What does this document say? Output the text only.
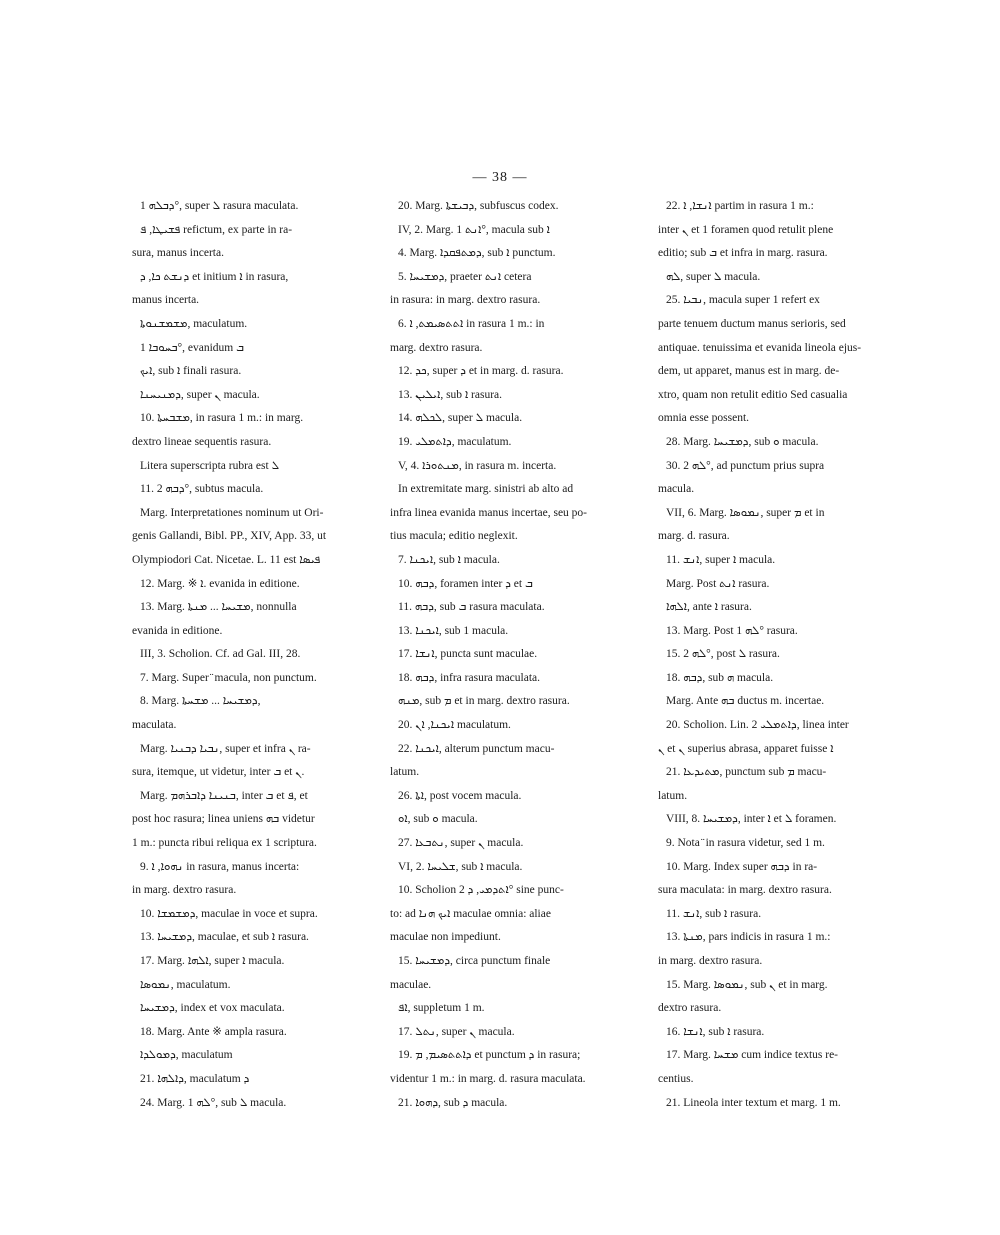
— 38 —
ܕܒܠܗ 1°, super ܠ rasura maculata.
ܦܫܝܛܐ, ܦ refictum, ex parte in ra-
sura, manus incerta.
ܕܢܫܬ ܟܐ, ܕ et initium ܐ in rasura,
manus incerta.
ܡܫܡܫܢܘܬܐ, maculatum.
ܒܚܘܒܐ 1°, evanidum ܒ
ܐܝܟ, sub ܐ finali rasura.
ܕܡܢܝܚܢܐ, super ܢ macula.
10. ܡܫܒܚܬܐ, in rasura 1 m.: in marg.
dextro lineae sequentis rasura.
Litera superscripta rubra est ܠ
11. ܕܒܗ 2°, subtus macula.
Marg. Interpretationes nominum ut Ori-
genis Gallandi, Bibl. PP., XIV, App. 33, ut
Olympiodori Cat. Nicetae. L. 11 est ܦܝܣܐ
12. Marg. ※ ܐ. evanida in editione.
13. Marg. ܡܫܝܚܐ ... ܡܢܬܐ, nonnulla
evanida in editione.
III, 3. Scholion. Cf. ad Gal. III, 28.
7. Marg. Super ̈ macula, non punctum.
8. Marg. ܕܡܫܝܚܐ ... ܡܫܚܬܐ,
maculata.
Marg. ܢܒܝܐ ܕܒܢܝܐ, super et infra ܢ ra-
sura, itemque, ut videtur, inter ܒ et ܢ.
Marg. ܒܢܝܢܐ ܕܐܒܪܗܡ, inter ܒ et ܦ, et
post hoc rasura; linea uniens ܒܗ videtur
1 m.: puncta ribui reliqua ex 1 scriptura.
9. ܢܗܘܐ, ܐ in rasura, manus incerta:
in marg. dextro rasura.
10. ܕܡܫܡܫܐ, maculae in voce et supra.
13. ܕܡܫܝܚܐ, maculae, et sub ܐ rasura.
17. Marg. ܐܠܗܐ, super ܐ macula.
ܢܡܘܣܐ, maculatum.
ܕܡܫܝܚܐ, index et vox maculata.
18. Marg. Ante ※ ampla rasura.
ܕܡܘܠܕܐ, maculatum
21. ܕܐܠܗܐ, maculatum ܕ
24. Marg. ܠܗ 1°, sub ܠ macula.
20. Marg. ܕܒܝܫܬܐ, subfuscus codex.
IV, 2. Marg. ܐܢܬ 1°, macula sub ܐ
4. Marg. ܕܡܬܦܩܕܐ, sub ܐ punctum.
5. ܕܡܫܝܚܐ, praeter ܐܢܬ cetera
in rasura: in marg. dextro rasura.
6. ܐܬܬܣܝܡܬ, ܐ in rasura 1 m.: in
marg. dextro rasura.
12. ܟܕ, super ܕ et in marg. d. rasura.
13. ܐܝܠܝܢ, sub ܐ rasura.
14. ܠܟܠܗ, super ܠ macula.
19. ܕܐܬܡܠܝ, maculatum.
V, 4. ܡܢܬܘܪܐ, in rasura m. incerta.
In extremitate marg. sinistri ab alto ad
infra linea evanida manus incertae, seu po-
tius macula; editio neglexit.
7. ܐܝܟܢܐ, sub ܐ macula.
10. ܕܒܗ, foramen inter ܕ et ܒ
11. ܕܒܗ, sub ܒ rasura maculata.
13. ܐܝܟܢܐ, sub 1 macula.
17. ܐܢܫܐ, puncta sunt maculae.
18. ܕܒܗ, infra rasura maculata.
ܡܢܗ, sub ܡ et in marg. dextro rasura.
20. ܐܝܟܢܐ, ܐܢ maculatum.
22. ܐܝܟܢܐ, alterum punctum macu-
latum.
26. ܐܬܐ, post vocem macula.
ܐܘ, sub ܘ macula.
27. ܢܬܒܥܐ, super ܢ macula.
VI, 2. ܫܠܝܚܐ, sub ܐ macula.
10. Scholion ܐܬܕܡܝ, ܕ 2° sine punc-
to: ad ܐܝܟ ܗܢܐ maculae omnia: aliae
maculae non impediunt.
15. ܕܡܫܝܚܐ, circa punctum finale
maculae.
ܐܦ, suppletum 1 m.
17. ܢܬܠ, super ܢ macula.
19. ܕܐܬܬܣܝܡ, ܡ et punctum ܕ in rasura;
videntur 1 m.: in marg. d. rasura maculata.
21. ܕܗܘܐ, sub ܕ macula.
22. ܐܢܫܐ, ܐ partim in rasura 1 m.:
inter ܢ et 1 foramen quod retulit plene
editio; sub ܒ et infra in marg. rasura.
ܠܗ, super ܠ macula.
25. ܢܒܝܐ, macula super 1 refert ex
parte tenuem ductum manus serioris, sed
antiquae. tenuissima et evanida lineola ejus-
dem, ut apparet, manus est in marg. de-
xtro, quam non retulit editio Sed casualia
omnia esse possent.
28. Marg. ܕܡܫܝܚܐ, sub ܘ macula.
30. ܠܗ 2°, ad punctum prius supra
macula.
VII, 6. Marg. ܢܡܘܣܐ, super ܡ et in
marg. d. rasura.
11. ܐܢܫ, super ܐ macula.
Marg. Post ܐܢܬ rasura.
ܐܠܗܐ, ante ܐ rasura.
13. Marg. Post ܠܗ 1° rasura.
15. ܠܗ 2°, post ܠ rasura.
18. ܕܒܗ, sub ܗ macula.
Marg. Ante ܒܗ ductus m. incertae.
20. Scholion. Lin. 2 ܕܐܬܡܠܝ, linea inter
ܢ et ܢ superius abrasa, apparet fuisse ܐ
21. ܡܬܝܕܥܐ, punctum sub ܡ macu-
latum.
VIII, 8. ܕܡܫܝܚܐ, inter ܐ et ܠ foramen.
9. Nota ̈ in rasura videtur, sed 1 m.
10. Marg. Index super ܕܒܗ in ra-
sura maculata: in marg. dextro rasura.
11. ܐܢܫ, sub ܐ rasura.
13. ܡܢܬܐ, pars indicis in rasura 1 m.:
in marg. dextro rasura.
15. Marg. ܢܡܘܣܐ, sub ܢ et in marg.
dextro rasura.
16. ܐܢܫܐ, sub ܐ rasura.
17. Marg. ܡܫܚܐ cum indice textus re-
centius.
21. Lineola inter textum et marg. 1 m.
